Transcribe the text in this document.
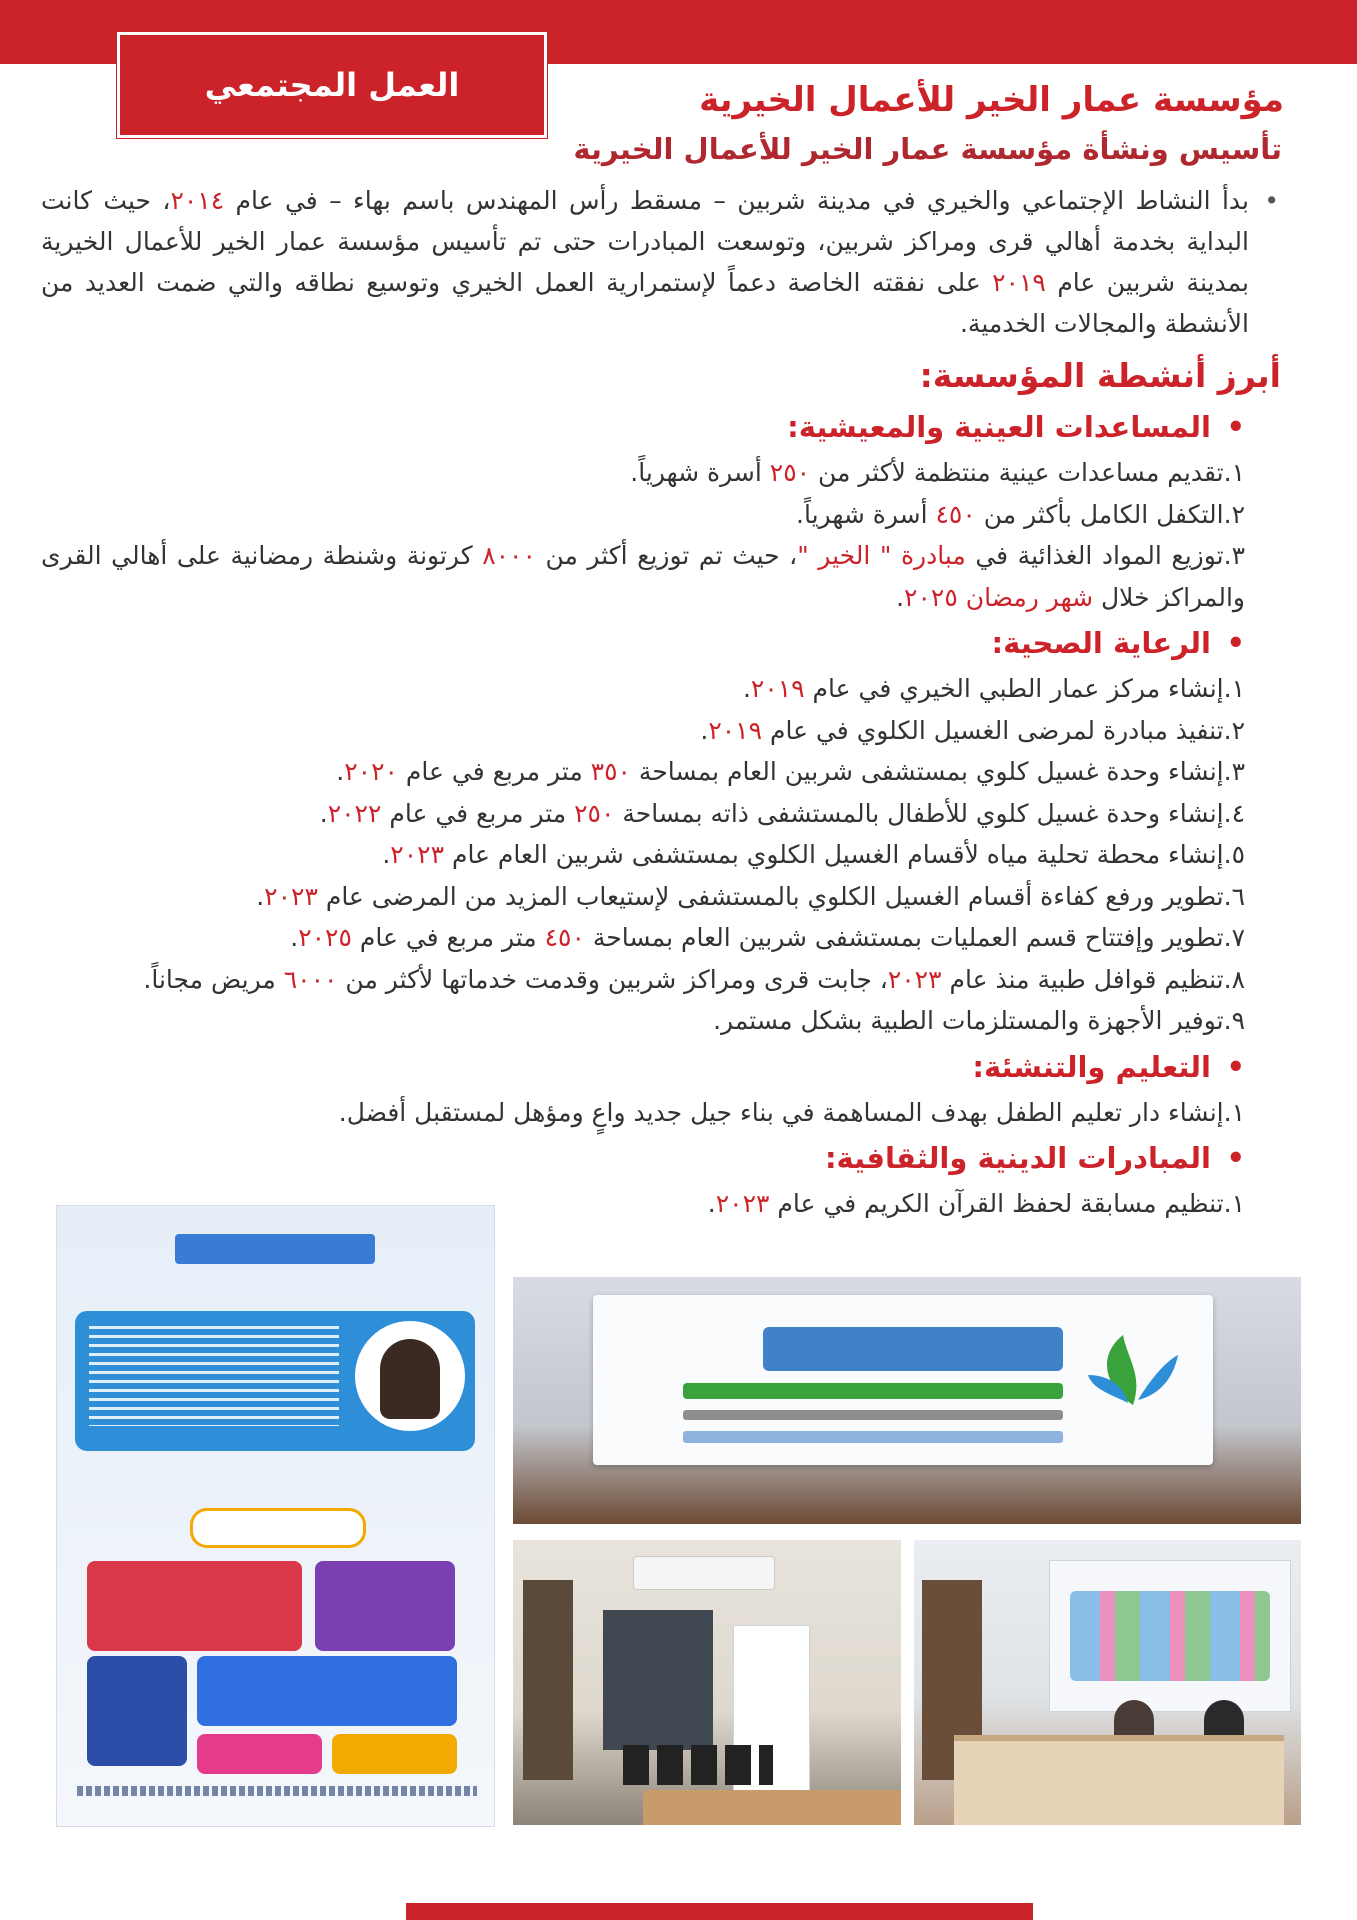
العمل المجتمعي	مؤسسة عمار الخير للأعمال الخيرية
تأسيس ونشأة مؤسسة عمار الخير للأعمال الخيرية

• بدأ النشاط الإجتماعي والخيري في مدينة شربين – مسقط رأس المهندس باسم بهاء – في عام ٢٠١٤، حيث كانت البداية بخدمة أهالي قرى ومراكز شربين، وتوسعت المبادرات حتى تم تأسيس مؤسسة عمار الخير للأعمال الخيرية بمدينة شربين عام ٢٠١٩ على نفقته الخاصة دعماً لإستمرارية العمل الخيري وتوسيع نطاقه والتي ضمت العديد من الأنشطة والمجالات الخدمية.

أبرز أنشطة المؤسسة:
• المساعدات العينية والمعيشية:
١.تقديم مساعدات عينية منتظمة لأكثر من ٢٥٠ أسرة شهرياً.
٢.التكفل الكامل بأكثر من ٤٥٠ أسرة شهرياً.
٣.توزيع المواد الغذائية في مبادرة " الخير "، حيث تم توزيع أكثر من ٨٠٠٠ كرتونة وشنطة رمضانية على أهالي القرى والمراكز خلال شهر رمضان ٢٠٢٥.
• الرعاية الصحية:
١.إنشاء مركز عمار الطبي الخيري في عام ٢٠١٩.
٢.تنفيذ مبادرة لمرضى الغسيل الكلوي في عام ٢٠١٩.
٣.إنشاء وحدة غسيل كلوي بمستشفى شربين العام بمساحة ٣٥٠ متر مربع في عام ٢٠٢٠.
٤.إنشاء وحدة غسيل كلوي للأطفال بالمستشفى ذاته بمساحة ٢٥٠ متر مربع في عام ٢٠٢٢.
٥.إنشاء محطة تحلية مياه لأقسام الغسيل الكلوي بمستشفى شربين العام عام ٢٠٢٣.
٦.تطوير ورفع كفاءة أقسام الغسيل الكلوي بالمستشفى لإستيعاب المزيد من المرضى عام ٢٠٢٣.
٧.تطوير وإفتتاح قسم العمليات بمستشفى شربين العام بمساحة ٤٥٠ متر مربع في عام ٢٠٢٥.
٨.تنظيم قوافل طبية منذ عام ٢٠٢٣، جابت قرى ومراكز شربين وقدمت خدماتها لأكثر من ٦٠٠٠ مريض مجاناً.
٩.توفير الأجهزة والمستلزمات الطبية بشكل مستمر.
• التعليم والتنشئة:
١.إنشاء دار تعليم الطفل بهدف المساهمة في بناء جيل جديد واعٍ ومؤهل لمستقبل أفضل.
• المبادرات الدينية والثقافية:
١.تنظيم مسابقة لحفظ القرآن الكريم في عام ٢٠٢٣.
